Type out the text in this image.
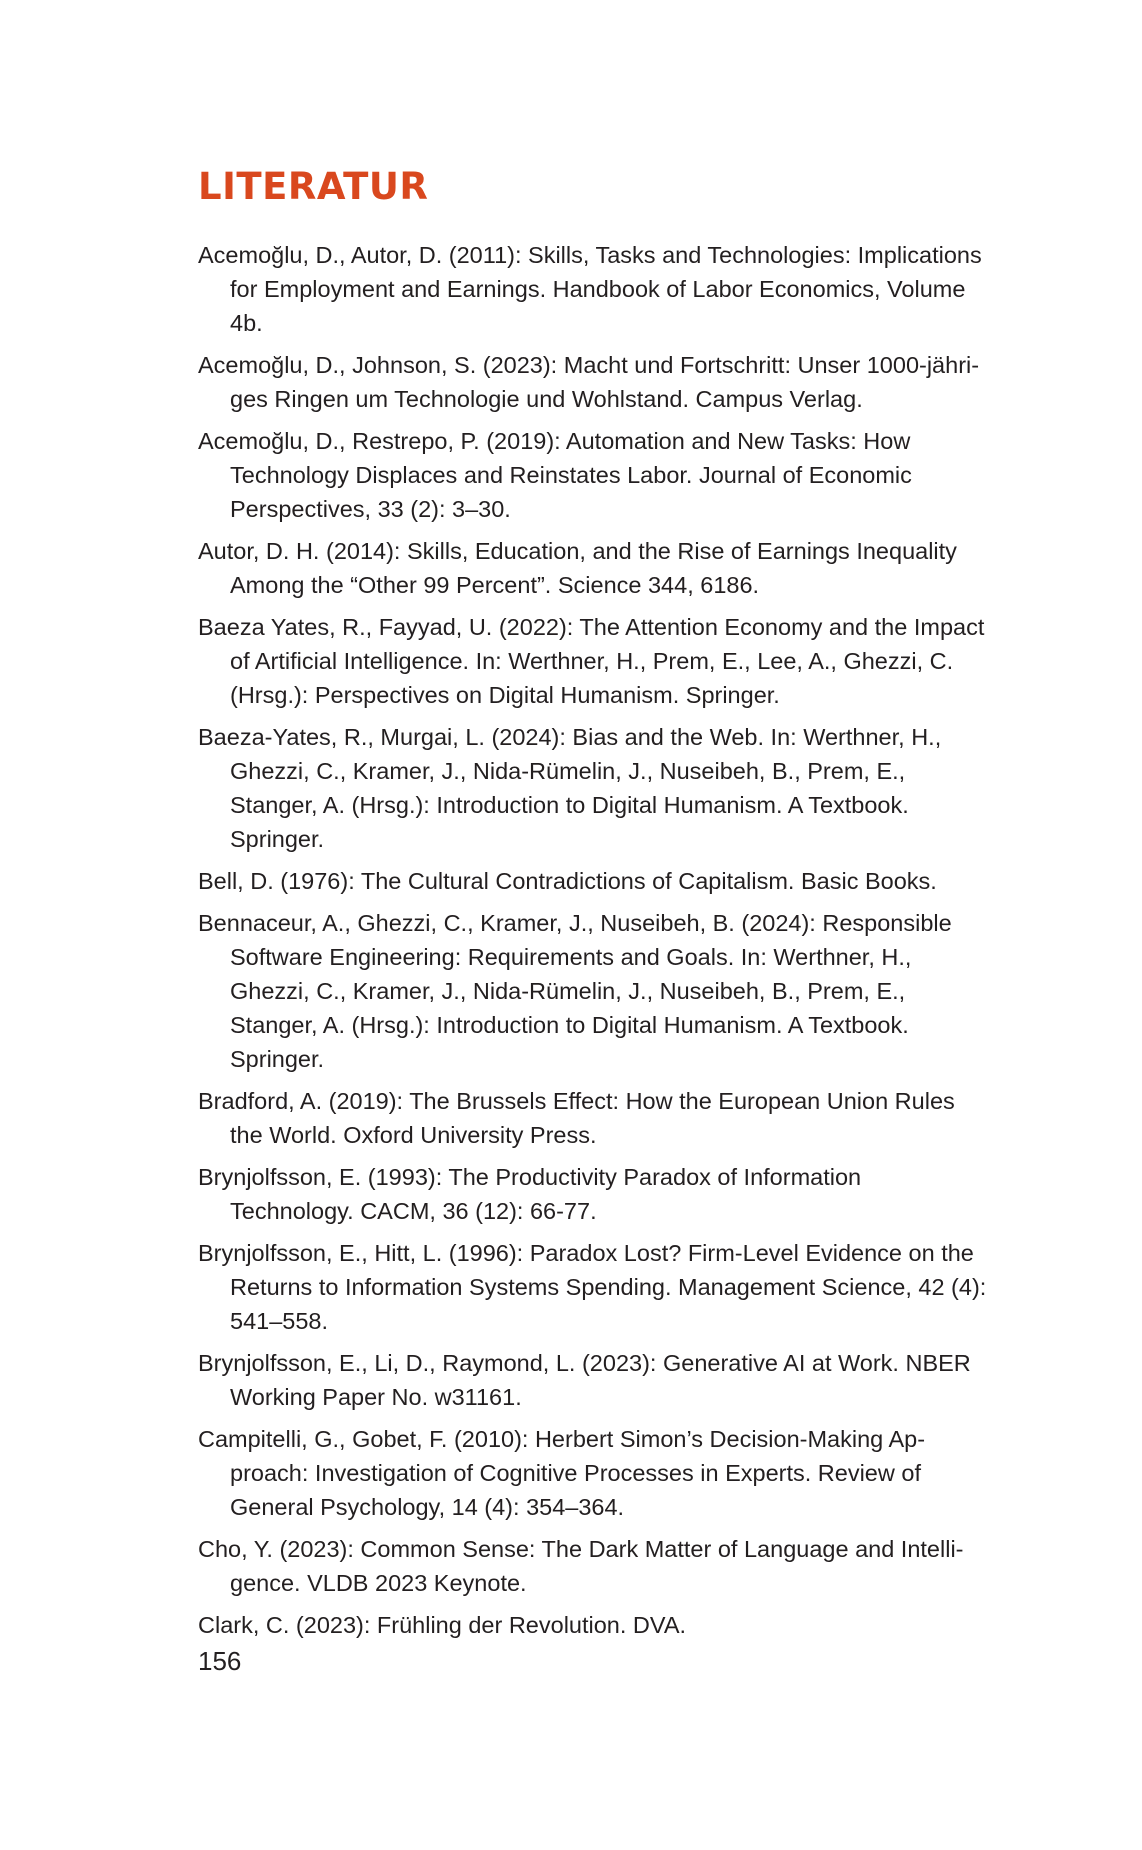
LITERATUR
Acemoğlu, D., Autor, D. (2011): Skills, Tasks and Technologies: Implications for Employment and Earnings. Handbook of Labor Economics, Volume 4b.
Acemoğlu, D., Johnson, S. (2023): Macht und Fortschritt: Unser 1000-jähriges Ringen um Technologie und Wohlstand. Campus Verlag.
Acemoğlu, D., Restrepo, P. (2019): Automation and New Tasks: How Technology Displaces and Reinstates Labor. Journal of Economic Perspectives, 33 (2): 3–30.
Autor, D. H. (2014): Skills, Education, and the Rise of Earnings Inequality Among the “Other 99 Percent”. Science 344, 6186.
Baeza Yates, R., Fayyad, U. (2022): The Attention Economy and the Impact of Artificial Intelligence. In: Werthner, H., Prem, E., Lee, A., Ghezzi, C. (Hrsg.): Perspectives on Digital Humanism. Springer.
Baeza-Yates, R., Murgai, L. (2024): Bias and the Web. In: Werthner, H., Ghezzi, C., Kramer, J., Nida-Rümelin, J., Nuseibeh, B., Prem, E., Stanger, A. (Hrsg.): Introduction to Digital Humanism. A Textbook. Springer.
Bell, D. (1976): The Cultural Contradictions of Capitalism. Basic Books.
Bennaceur, A., Ghezzi, C., Kramer, J., Nuseibeh, B. (2024): Responsible Software Engineering: Requirements and Goals. In: Werthner, H., Ghezzi, C., Kramer, J., Nida-Rümelin, J., Nuseibeh, B., Prem, E., Stanger, A. (Hrsg.): Introduction to Digital Humanism. A Textbook. Springer.
Bradford, A. (2019): The Brussels Effect: How the European Union Rules the World. Oxford University Press.
Brynjolfsson, E. (1993): The Productivity Paradox of Information Technology. CACM, 36 (12): 66-77.
Brynjolfsson, E., Hitt, L. (1996): Paradox Lost? Firm-Level Evidence on the Returns to Information Systems Spending. Management Science, 42 (4): 541–558.
Brynjolfsson, E., Li, D., Raymond, L. (2023): Generative AI at Work. NBER Working Paper No. w31161.
Campitelli, G., Gobet, F. (2010): Herbert Simon’s Decision-Making Approach: Investigation of Cognitive Processes in Experts. Review of General Psychology, 14 (4): 354–364.
Cho, Y. (2023): Common Sense: The Dark Matter of Language and Intelligence. VLDB 2023 Keynote.
Clark, C. (2023): Frühling der Revolution. DVA.
156
